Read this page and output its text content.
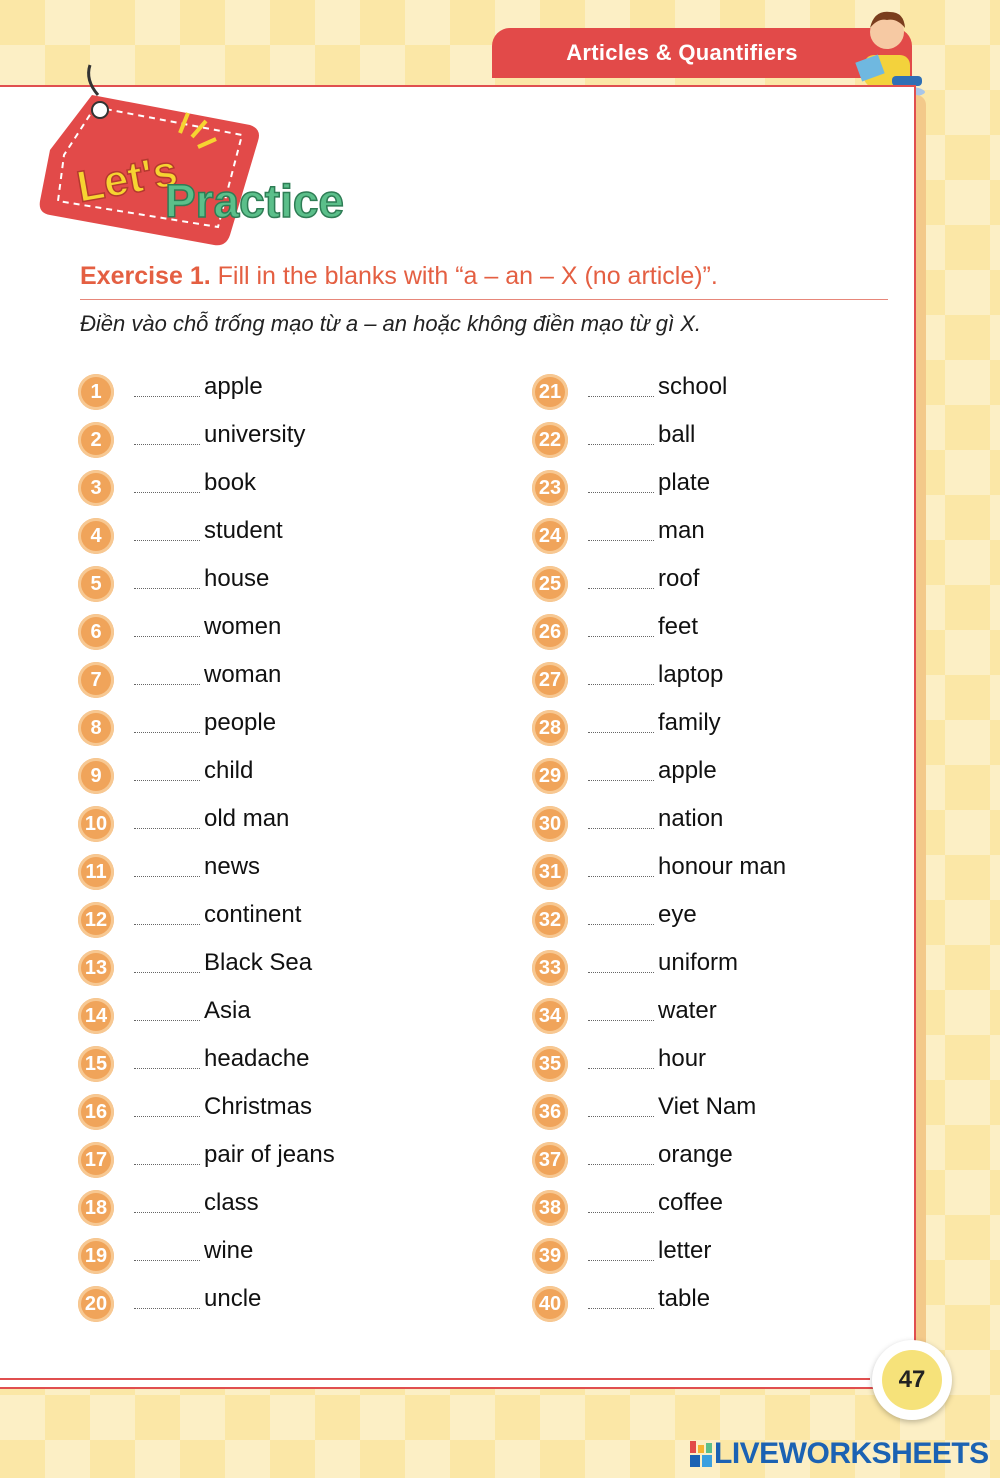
Articles & Quantifiers
Let's
Practice
Exercise 1. Fill in the blanks with “a – an – X (no article)”.
Điền vào chỗ trống mạo từ a – an hoặc không điền mạo từ gì X.
1	apple
2	university
3	book
4	student
5	house
6	women
7	woman
8	people
9	child
10	old man
11	news
12	continent
13	Black Sea
14	Asia
15	headache
16	Christmas
17	pair of jeans
18	class
19	wine
20	uncle
21	school
22	ball
23	plate
24	man
25	roof
26	feet
27	laptop
28	family
29	apple
30	nation
31	honour man
32	eye
33	uniform
34	water
35	hour
36	Viet Nam
37	orange
38	coffee
39	letter
40	table
47
LIVEWORKSHEETS
